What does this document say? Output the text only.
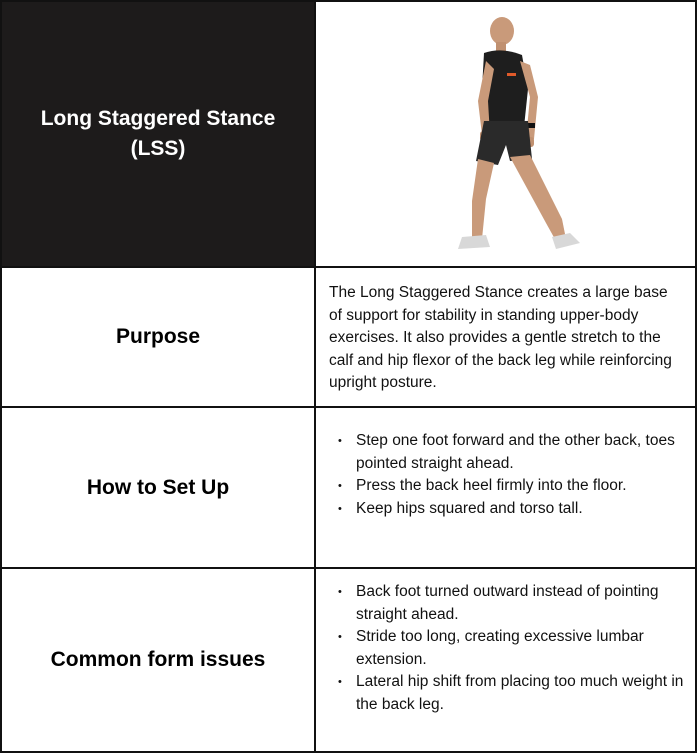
Long Staggered Stance (LSS)
Purpose
The Long Staggered Stance creates a large base of support for stability in standing upper-body exercises. It also provides a gentle stretch to the calf and hip flexor of the back leg while reinforcing upright posture.
How to Set Up
• Step one foot forward and the other back, toes pointed straight ahead.
• Press the back heel firmly into the floor.
• Keep hips squared and torso tall.
Common form issues
• Back foot turned outward instead of pointing straight ahead.
• Stride too long, creating excessive lumbar extension.
• Lateral hip shift from placing too much weight in the back leg.
